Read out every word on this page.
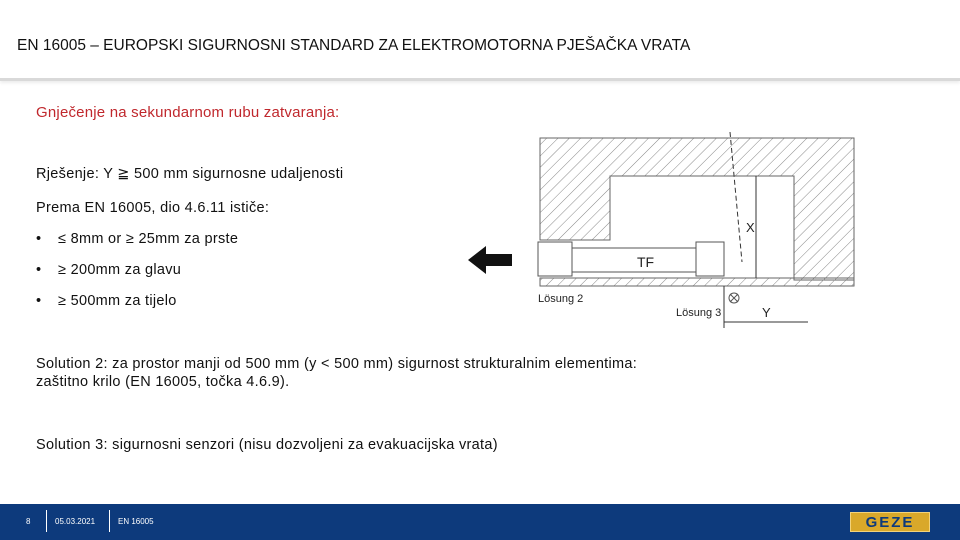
EN 16005 – EUROPSKI SIGURNOSNI STANDARD ZA ELEKTROMOTORNA PJEŠAČKA VRATA
Gnječenje na sekundarnom rubu zatvaranja:
Rješenje: Y ≧ 500 mm sigurnosne udaljenosti
Prema EN 16005, dio 4.6.11 ističe:
• ≤ 8mm or ≥ 25mm za prste
• ≥ 200mm za glavu
• ≥ 500mm za tijelo
Solution 2: za prostor manji od 500 mm (y < 500 mm) sigurnost strukturalnim elementima: zaštitno krilo (EN 16005, točka 4.6.9).
Solution 3: sigurnosni senzori (nisu dozvoljeni za evakuacijska vrata)
TF
X
Lösung 2
Lösung 3	Y
8	05.03.2021	EN 16005	GEZE
